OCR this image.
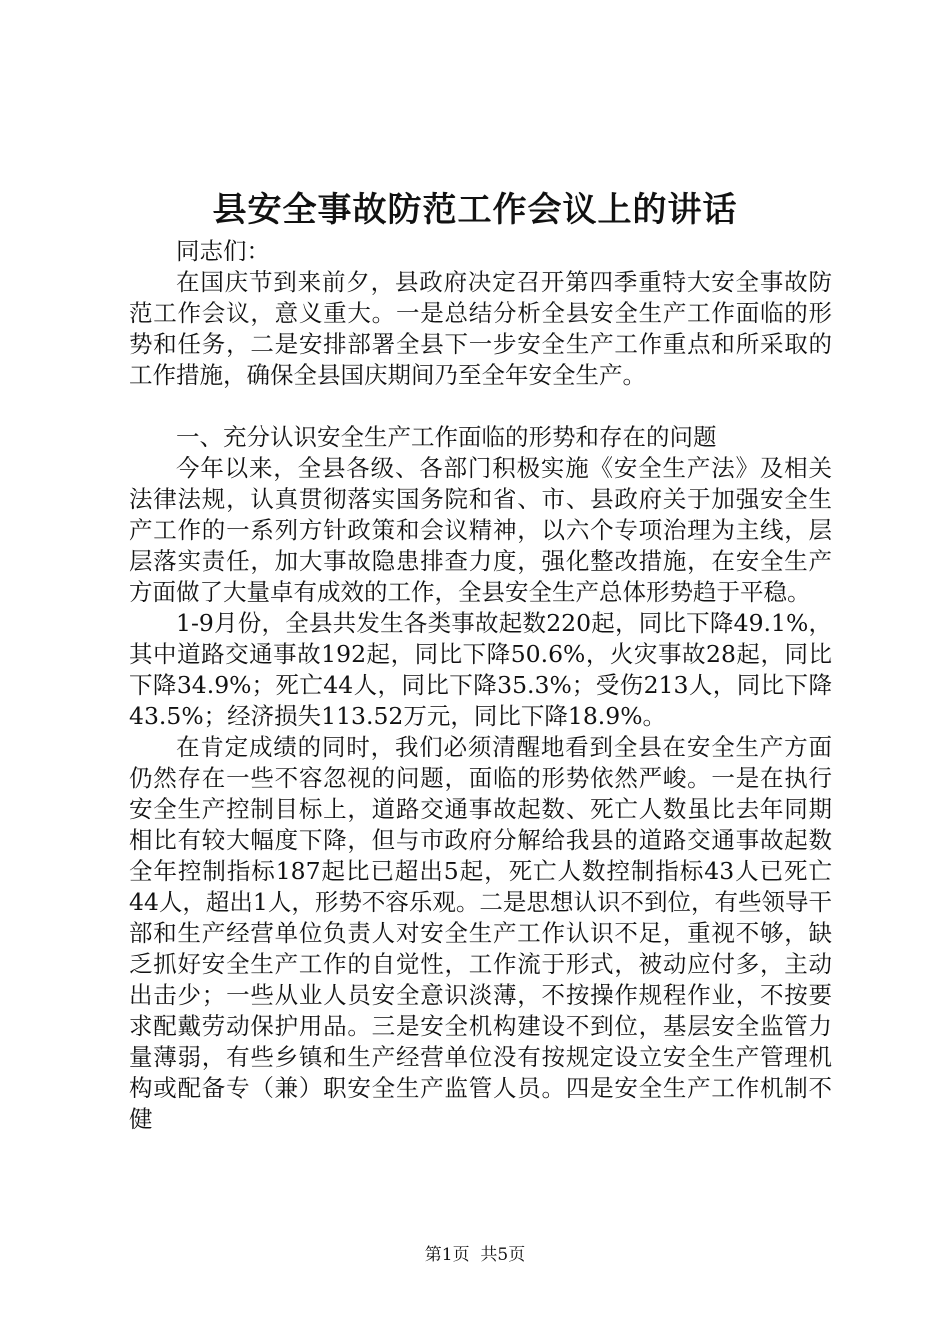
县安全事故防范工作会议上的讲话

同志们：

在国庆节到来前夕，县政府决定召开第四季重特大安全事故防范工作会议，意义重大。一是总结分析全县安全生产工作面临的形势和任务，二是安排部署全县下一步安全生产工作重点和所采取的工作措施，确保全县国庆期间乃至全年安全生产。

一、充分认识安全生产工作面临的形势和存在的问题

今年以来，全县各级、各部门积极实施《安全生产法》及相关法律法规，认真贯彻落实国务院和省、市、县政府关于加强安全生产工作的一系列方针政策和会议精神，以六个专项治理为主线，层层落实责任，加大事故隐患排查力度，强化整改措施，在安全生产方面做了大量卓有成效的工作，全县安全生产总体形势趋于平稳。

1-9月份，全县共发生各类事故起数220起，同比下降49.1%，其中道路交通事故192起，同比下降50.6%，火灾事故28起，同比下降34.9%；死亡44人，同比下降35.3%；受伤213人，同比下降43.5%；经济损失113.52万元，同比下降18.9%。

在肯定成绩的同时，我们必须清醒地看到全县在安全生产方面仍然存在一些不容忽视的问题，面临的形势依然严峻。一是在执行安全生产控制目标上，道路交通事故起数、死亡人数虽比去年同期相比有较大幅度下降，但与市政府分解给我县的道路交通事故起数全年控制指标187起比已超出5起，死亡人数控制指标43人已死亡44人，超出1人，形势不容乐观。二是思想认识不到位，有些领导干部和生产经营单位负责人对安全生产工作认识不足，重视不够，缺乏抓好安全生产工作的自觉性，工作流于形式，被动应付多，主动出击少；一些从业人员安全意识淡薄，不按操作规程作业，不按要求配戴劳动保护用品。三是安全机构建设不到位，基层安全监管力量薄弱，有些乡镇和生产经营单位没有按规定设立安全生产管理机构或配备专（兼）职安全生产监管人员。四是安全生产工作机制不健

第1页 共5页
